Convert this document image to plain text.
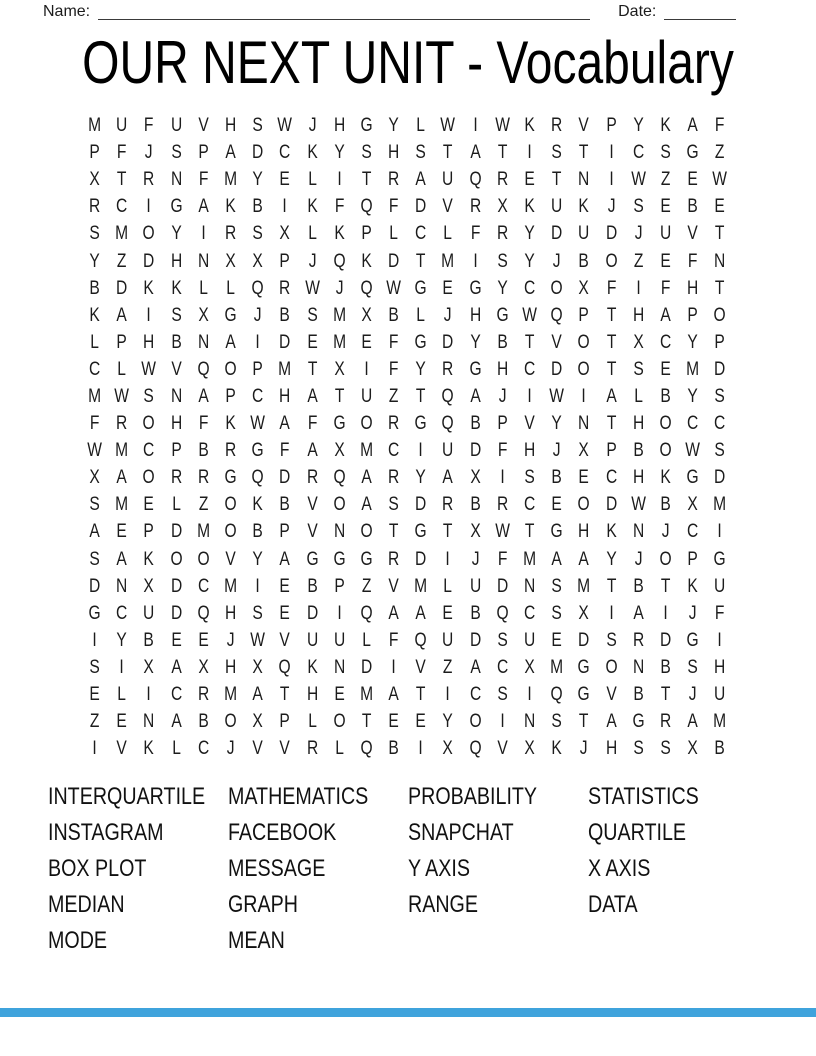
Name:	Date:
OUR NEXT UNIT - Vocabulary
M U F U V H S W J H G Y L W I W K R V P Y K A F
P F J S P A D C K Y S H S T A T	I	S T	I	C S G Z
X T R N F M Y E L	I	T R A U Q R E T N	I W Z E W
R C	I G A K B	I	K F Q F D V R X K U K J S E B E
S M O Y	I	R S X L K P L C L F R Y D U D J U V T
Y Z D H N X X P J Q K D T M I	S Y J B O Z E F N
B D K K L L Q R W J Q W G E G Y C O X F	I	F H T
K A	I	S X G J B S M X B L J H G W Q P T H A P O
L P H B N A	I	D E M E F G D Y B T V O T X C Y P
C L W V Q O P M T X	I	F Y R G H C D O T S E M D
M W S N A P C H A T U Z T Q A J	I W I	A L B Y S
F R O H F K W A F G O R G Q B P V Y N T H O C C
W M C P B R G F A X M C	I	U D F H J X P B O W S
X A O R R G Q D R Q A R Y A X	I	S B E C H K G D
S M E L Z O K B V O A S D R B R C E O D W B X M
A E P D M O B P V N O T G T X W T G H K N J C	I
S A K O O V Y A G G G R D	I	J F M A A Y J O P G
D N X D C M I	E B P Z V M L U D N S M T B T K U
G C U D Q H S E D	I Q A A E B Q C S X	I	A	I	J F
I	Y B E E J W V U U L F Q U D S U E D S R D G I
S	I	X A X H X Q K N D	I	V Z A C X M G O N B S H
E L	I	C R M A T H E M A T	I	C S	I Q G V B T J U
Z E N A B O X P L O T E E Y O I	N S T A G R A M
I	V K L C J V V R L Q B	I	X Q V X K J H S S X B
INTERQUARTILE
INSTAGRAM
BOX PLOT
MEDIAN
MODE
MATHEMATICS
FACEBOOK
MESSAGE
GRAPH
MEAN
PROBABILITY
SNAPCHAT
Y AXIS
RANGE
STATISTICS
QUARTILE
X AXIS
DATA
